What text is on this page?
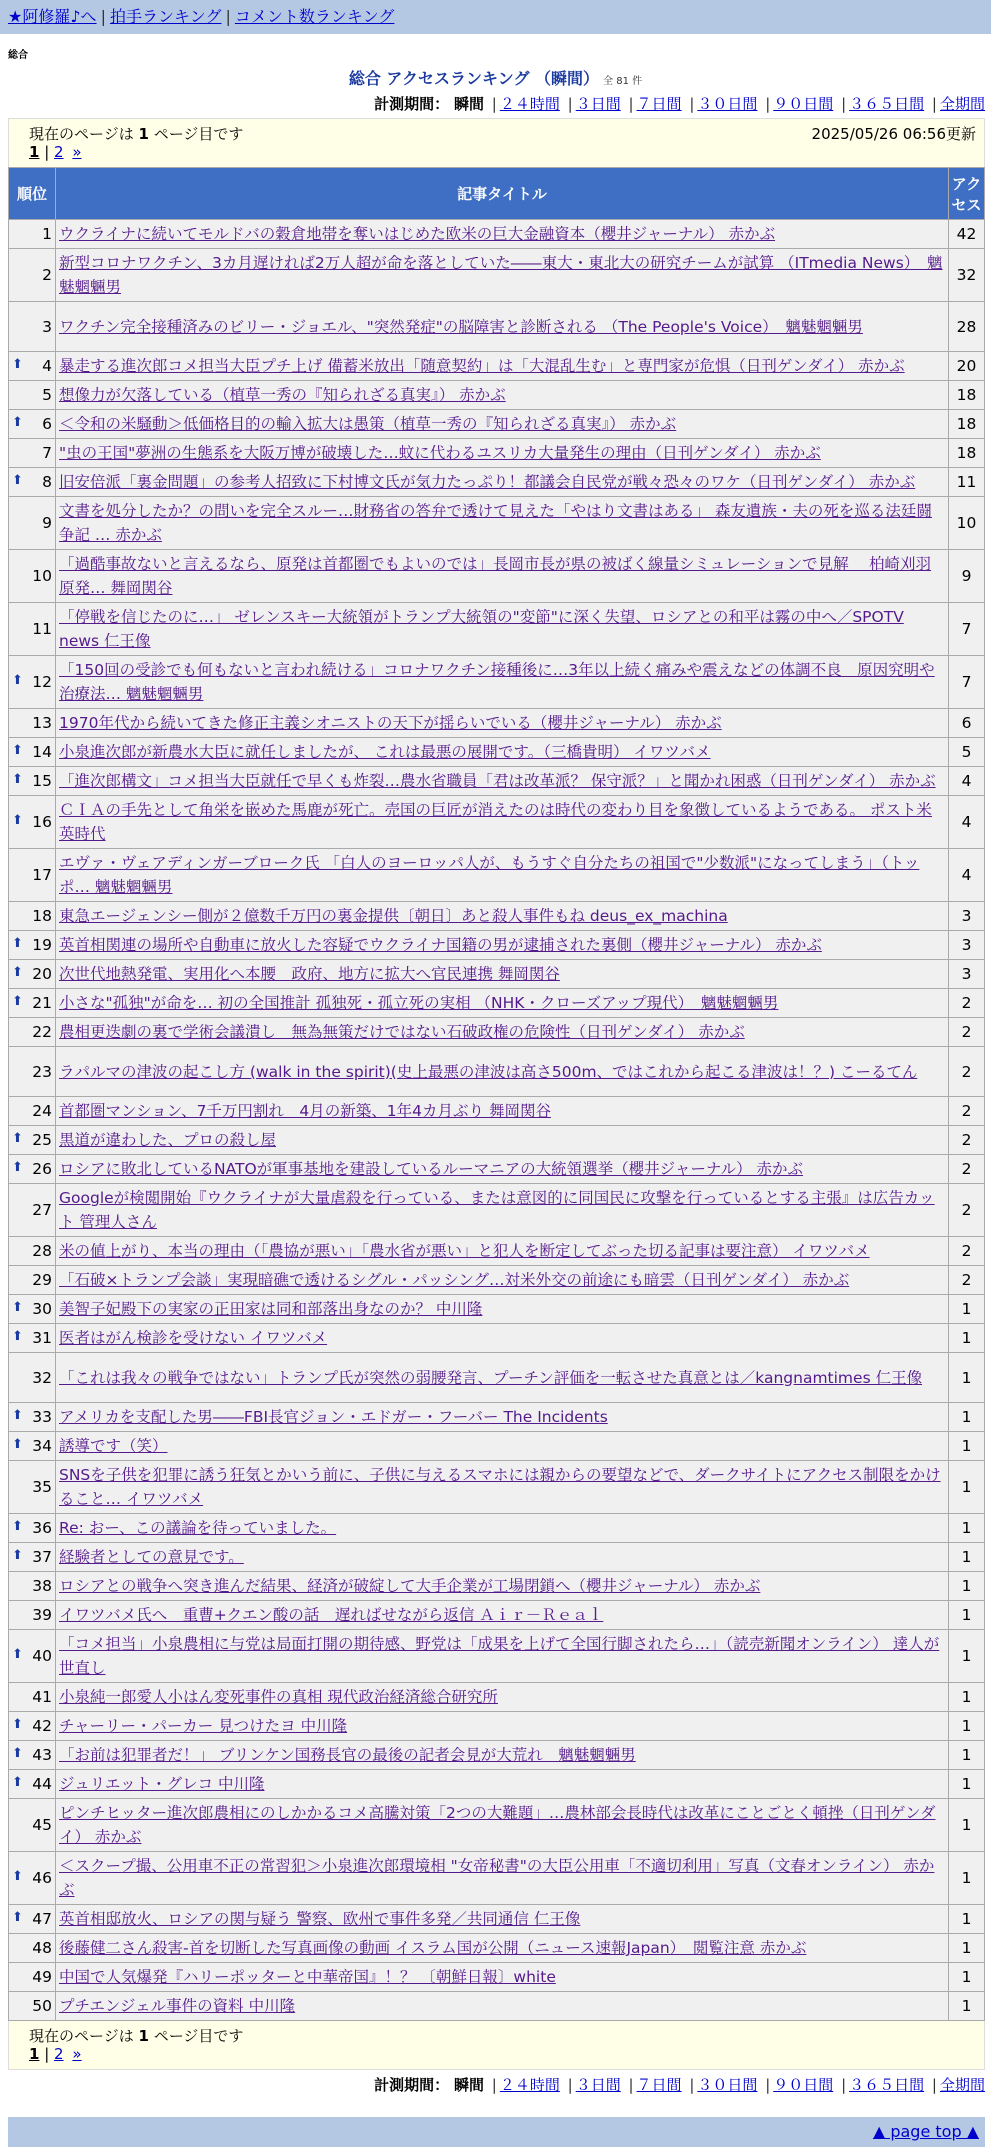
★阿修羅♪へ | 拍手ランキング | コメント数ランキング
総合
総合 アクセスランキング （瞬間） 全 81 件
計測期間： 瞬間 | ２４時間 | ３日間 | ７日間 | ３０日間 | ９０日間 | ３６５日間 | 全期間
現在のページは 1 ページ目です	2025/05/26 06:56更新
1 | 2 »
順位	記事タイトル	アクセス
1	ウクライナに続いてモルドバの穀倉地帯を奪いはじめた欧米の巨大金融資本（櫻井ジャーナル） 赤かぶ	42
2	新型コロナワクチン、3カ月遅ければ2万人超が命を落としていた――東大・東北大の研究チームが試算 （ITmedia News）　魑魅魍魎男	32
3	ワクチン完全接種済みのビリー・ジョエル、"突然発症"の脳障害と診断される （The People's Voice）　魑魅魍魎男	28

⬆ 4	暴走する進次郎コメ担当大臣プチ上げ 備蓄米放出「随意契約」は「大混乱生む」と専門家が危惧（日刊ゲンダイ） 赤かぶ	20
5	想像力が欠落している（植草一秀の『知られざる真実』） 赤かぶ	18

⬆ 6	＜令和の米騒動＞低価格目的の輸入拡大は愚策（植草一秀の『知られざる真実』） 赤かぶ	18
7	"虫の王国"夢洲の生態系を大阪万博が破壊した…蚊に代わるユスリカ大量発生の理由（日刊ゲンダイ） 赤かぶ	18

⬆ 8	旧安倍派「裏金問題」の参考人招致に下村博文氏が気力たっぷり！都議会自民党が戦々恐々のワケ（日刊ゲンダイ） 赤かぶ	11
9	文書を処分したか？の問いを完全スルー…財務省の答弁で透けて見えた「やはり文書はある」 森友遺族・夫の死を巡る法廷闘争記 … 赤かぶ	10
10	「過酷事故ないと言えるなら、原発は首都圏でもよいのでは」長岡市長が県の被ばく線量シミュレーションで見解　 柏崎刈羽原発… 舞岡関谷	9
11	「停戦を信じたのに…」 ゼレンスキー大統領がトランプ大統領の"変節"に深く失望、ロシアとの和平は霧の中へ／SPOTV news 仁王像	7

⬆ 12	「150回の受診でも何もないと言われ続ける」コロナワクチン接種後に…3年以上続く痛みや震えなどの体調不良　原因究明や治療法… 魑魅魍魎男	7
13	1970年代から続いてきた修正主義シオニストの天下が揺らいでいる（櫻井ジャーナル） 赤かぶ	6

⬆ 14	小泉進次郎が新農水大臣に就任しましたが、 これは最悪の展開です。（三橋貴明） イワツバメ	5

⬆ 15	「進次郎構文」コメ担当大臣就任で早くも炸裂…農水省職員「君は改革派？ 保守派？」と聞かれ困惑（日刊ゲンダイ） 赤かぶ	4

⬆ 16	ＣＩＡの手先として角栄を嵌めた馬鹿が死亡。売国の巨匠が消えたのは時代の変わり目を象徴しているようである。 ポスト米英時代	4
17	エヴァ・ヴェアディンガーブローク氏 「白人のヨーロッパ人が、もうすぐ自分たちの祖国で"少数派"になってしまう」（トッポ… 魑魅魍魎男	4
18	東急エージェンシー側が２億数千万円の裏金提供〔朝日〕あと殺人事件もね deus_ex_machina	3

⬆ 19	英首相関連の場所や自動車に放火した容疑でウクライナ国籍の男が逮捕された裏側（櫻井ジャーナル） 赤かぶ	3

⬆ 20	次世代地熱発電、実用化へ本腰　政府、地方に拡大へ官民連携 舞岡関谷	3

⬆ 21	小さな"孤独"が命を… 初の全国推計 孤独死・孤立死の実相 （NHK・クローズアップ現代）　魑魅魍魎男	2
22	農相更迭劇の裏で学術会議潰し　無為無策だけではない石破政権の危険性（日刊ゲンダイ） 赤かぶ	2
23	ラパルマの津波の起こし方 (walk in the spirit)(史上最悪の津波は高さ500m、ではこれから起こる津波は！？) こーるてん	2
24	首都圏マンション、7千万円割れ　4月の新築、1年4カ月ぶり 舞岡関谷	2

⬆ 25	黒道が違わした、プロの殺し屋	2

⬆ 26	ロシアに敗北しているNATOが軍事基地を建設しているルーマニアの大統領選挙（櫻井ジャーナル） 赤かぶ	2
27	Googleが検閲開始『ウクライナが大量虐殺を行っている、または意図的に同国民に攻撃を行っているとする主張』は広告カット 管理人さん	2
28	米の値上がり、本当の理由（「農協が悪い」「農水省が悪い」と犯人を断定してぶった切る記事は要注意） イワツバメ	2
29	「石破×トランプ会談」実現暗礁で透けるシグル・パッシング…対米外交の前途にも暗雲（日刊ゲンダイ） 赤かぶ	2

⬆ 30	美智子妃殿下の実家の正田家は同和部落出身なのか？ 中川隆	1

⬆ 31	医者はがん検診を受けない イワツバメ	1
32	「これは我々の戦争ではない」トランプ氏が突然の弱腰発言、プーチン評価を一転させた真意とは／kangnamtimes 仁王像	1

⬆ 33	アメリカを支配した男――FBI長官ジョン・エドガー・フーバー The Incidents	1

⬆ 34	誘導です（笑）	1
35	SNSを子供を犯罪に誘う狂気とかいう前に、子供に与えるスマホには親からの要望などで、ダークサイトにアクセス制限をかけること… イワツバメ	1

⬆ 36	Re: おー、この議論を待っていました。	1

⬆ 37	経験者としての意見です。	1
38	ロシアとの戦争へ突き進んだ結果、経済が破綻して大手企業が工場閉鎖へ（櫻井ジャーナル） 赤かぶ	1
39	イワツバメ氏へ　重曹+クエン酸の話　遅ればせながら返信 Ａｉｒ－Ｒｅａｌ	1

⬆ 40	「コメ担当」小泉農相に与党は局面打開の期待感、野党は「成果を上げて全国行脚されたら…」（読売新聞オンライン） 達人が世直し	1
41	小泉純一郎愛人小はん変死事件の真相 現代政治経済総合研究所	1

⬆ 42	チャーリー・パーカー 見つけたヨ 中川隆	1

⬆ 43	「お前は犯罪者だ！」 ブリンケン国務長官の最後の記者会見が大荒れ　魑魅魍魎男	1

⬆ 44	ジュリエット・グレコ 中川隆	1
45	ピンチヒッター進次郎農相にのしかかるコメ高騰対策「2つの大難題」…農林部会長時代は改革にことごとく頓挫（日刊ゲンダイ） 赤かぶ	1

⬆ 46	＜スクープ撮、公用車不正の常習犯＞小泉進次郎環境相 "女帝秘書"の大臣公用車「不適切利用」写真（文春オンライン） 赤かぶ	1

⬆ 47	英首相邸放火、ロシアの関与疑う 警察、欧州で事件多発／共同通信 仁王像	1
48	後藤健二さん殺害-首を切断した写真画像の動画 イスラム国が公開（ニュース速報Japan）　閲覧注意 赤かぶ	1
49	中国で人気爆発『ハリーポッターと中華帝国』！？ 〔朝鮮日報〕white	1
50	プチエンジェル事件の資料 中川隆	1
現在のページは 1 ページ目です
1 | 2 »
計測期間： 瞬間 | ２４時間 | ３日間 | ７日間 | ３０日間 | ９０日間 | ３６５日間 | 全期間
▲ page top ▲
